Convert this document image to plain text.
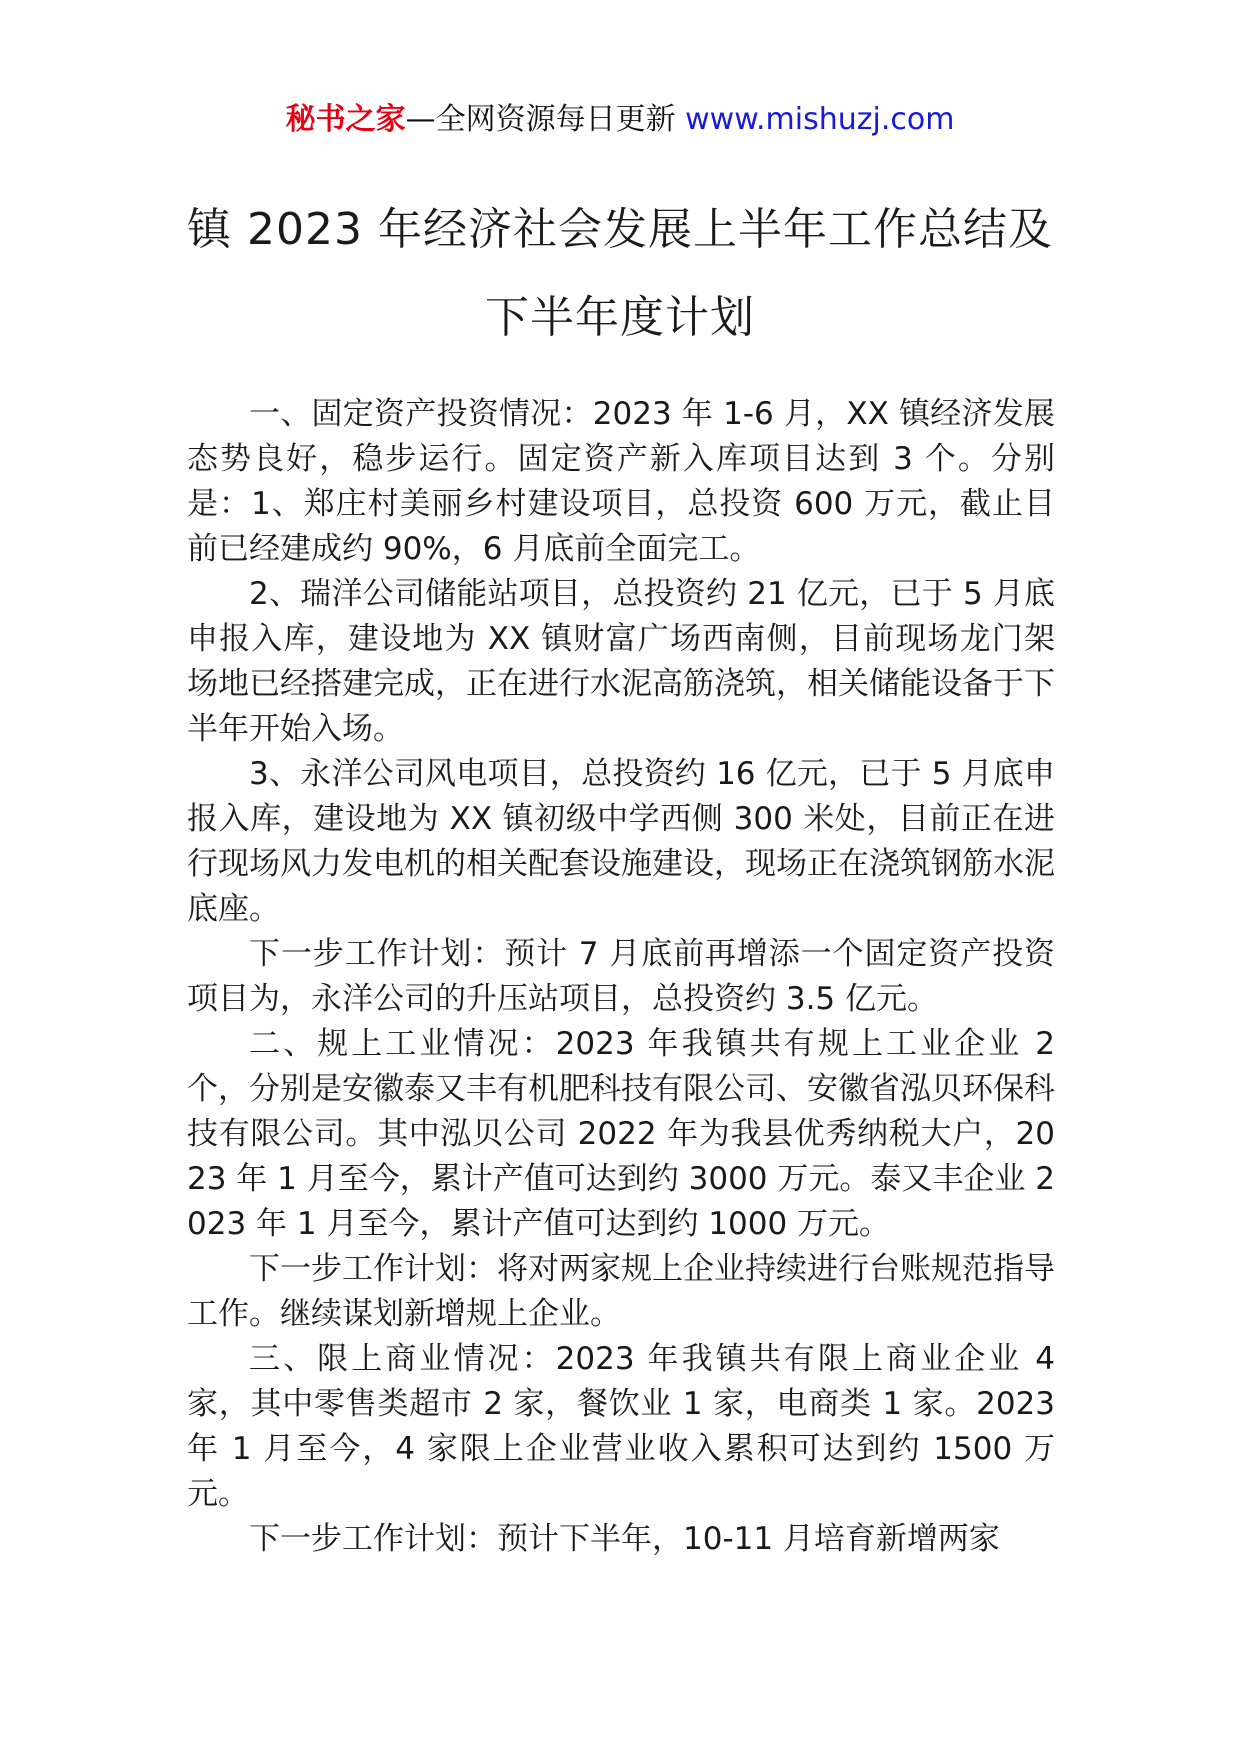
秘书之家—全网资源每日更新 www.mishuzj.com
镇 2023 年经济社会发展上半年工作总结及
下半年度计划

一、固定资产投资情况：2023 年 1-6 月，XX 镇经济发展态势良好，稳步运行。固定资产新入库项目达到 3 个。分别是：1、郑庄村美丽乡村建设项目，总投资 600 万元，截止目前已经建成约 90%，6 月底前全面完工。

2、瑞洋公司储能站项目，总投资约 21 亿元，已于 5 月底申报入库，建设地为 XX 镇财富广场西南侧，目前现场龙门架场地已经搭建完成，正在进行水泥高筋浇筑，相关储能设备于下半年开始入场。

3、永洋公司风电项目，总投资约 16 亿元，已于 5 月底申报入库，建设地为 XX 镇初级中学西侧 300 米处，目前正在进行现场风力发电机的相关配套设施建设，现场正在浇筑钢筋水泥底座。

下一步工作计划：预计 7 月底前再增添一个固定资产投资项目为，永洋公司的升压站项目，总投资约 3.5 亿元。

二、规上工业情况：2023 年我镇共有规上工业企业 2 个，分别是安徽泰又丰有机肥科技有限公司、安徽省泓贝环保科技有限公司。其中泓贝公司 2022 年为我县优秀纳税大户，2023 年 1 月至今，累计产值可达到约 3000 万元。泰又丰企业 2023 年 1 月至今，累计产值可达到约 1000 万元。

下一步工作计划：将对两家规上企业持续进行台账规范指导工作。继续谋划新增规上企业。

三、限上商业情况：2023 年我镇共有限上商业企业 4 家，其中零售类超市 2 家，餐饮业 1 家，电商类 1 家。2023 年 1 月至今，4 家限上企业营业收入累积可达到约 1500 万元。

下一步工作计划：预计下半年，10-11 月培育新增两家
